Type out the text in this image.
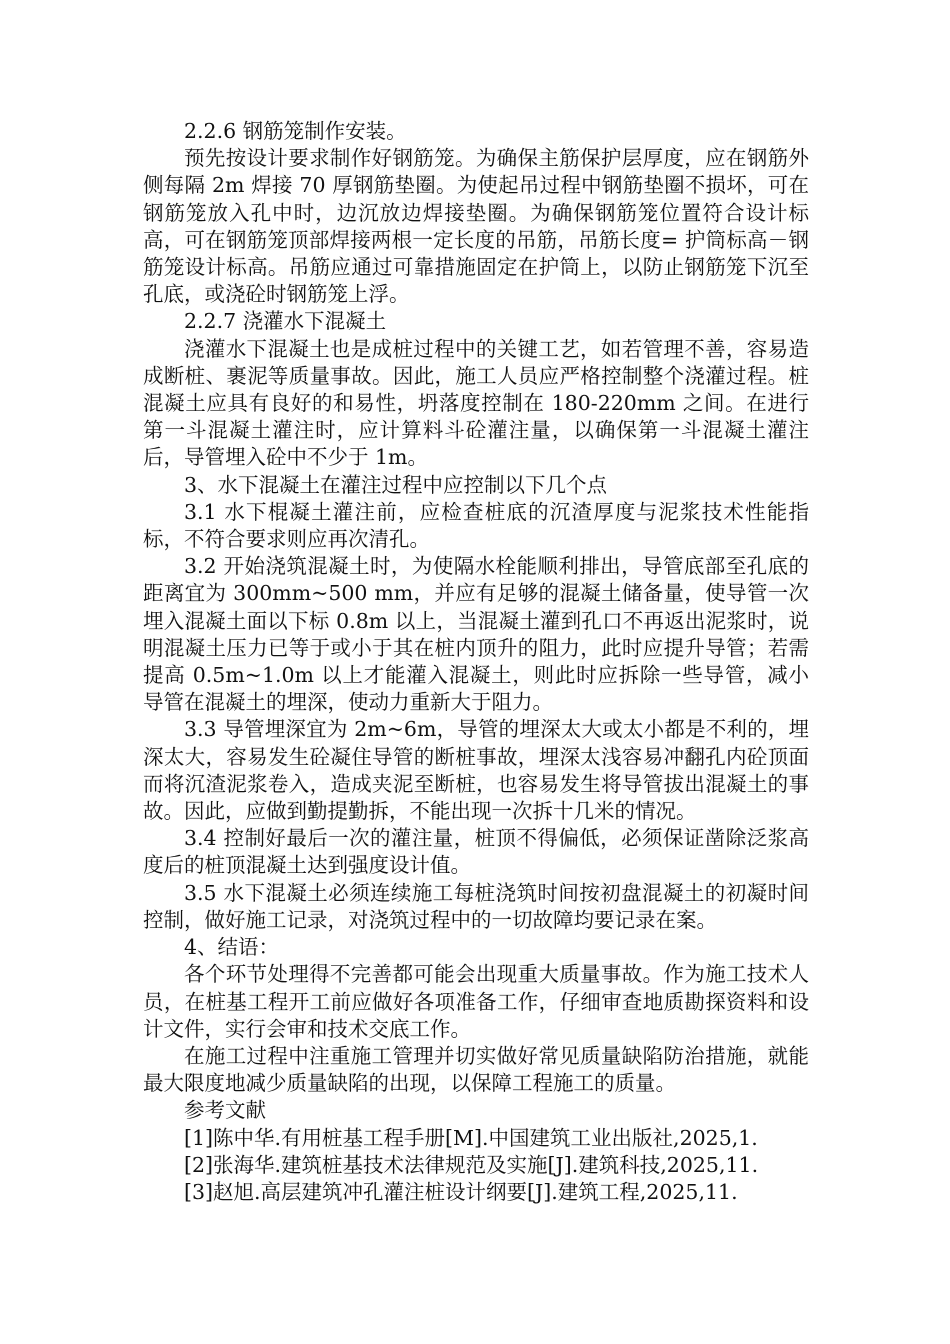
2.2.6 钢筋笼制作安装。

预先按设计要求制作好钢筋笼。为确保主筋保护层厚度，应在钢筋外侧每隔 2m 焊接 70 厚钢筋垫圈。为使起吊过程中钢筋垫圈不损坏，可在钢筋笼放入孔中时，边沉放边焊接垫圈。为确保钢筋笼位置符合设计标高，可在钢筋笼顶部焊接两根一定长度的吊筋，吊筋长度= 护筒标高－钢筋笼设计标高。吊筋应通过可靠措施固定在护筒上，以防止钢筋笼下沉至孔底，或浇砼时钢筋笼上浮。

2.2.7 浇灌水下混凝土

浇灌水下混凝土也是成桩过程中的关键工艺，如若管理不善，容易造成断桩、裹泥等质量事故。因此，施工人员应严格控制整个浇灌过程。桩混凝土应具有良好的和易性，坍落度控制在 180-220mm 之间。在进行第一斗混凝土灌注时，应计算料斗砼灌注量，以确保第一斗混凝土灌注后，导管埋入砼中不少于 1m。

3、水下混凝土在灌注过程中应控制以下几个点

3.1 水下棍凝土灌注前，应检查桩底的沉渣厚度与泥浆技术性能指标，不符合要求则应再次清孔。

3.2 开始浇筑混凝土时，为使隔水栓能顺利排出，导管底部至孔底的距离宜为 300mm~500 mm，并应有足够的混凝土储备量，使导管一次埋入混凝土面以下标 0.8m 以上，当混凝土灌到孔口不再返出泥浆时，说明混凝土压力已等于或小于其在桩内顶升的阻力，此时应提升导管；若需提高 0.5m~1.0m 以上才能灌入混凝土，则此时应拆除一些导管，减小导管在混凝土的埋深，使动力重新大于阻力。

3.3 导管埋深宜为 2m~6m，导管的埋深太大或太小都是不利的，埋深太大，容易发生砼凝住导管的断桩事故，埋深太浅容易冲翻孔内砼顶面而将沉渣泥浆卷入，造成夹泥至断桩，也容易发生将导管拔出混凝土的事故。因此，应做到勤提勤拆，不能出现一次拆十几米的情况。

3.4 控制好最后一次的灌注量，桩顶不得偏低，必须保证凿除泛浆高度后的桩顶混凝土达到强度设计值。

3.5 水下混凝土必须连续施工每桩浇筑时间按初盘混凝土的初凝时间控制，做好施工记录，对浇筑过程中的一切故障均要记录在案。

4、结语：

各个环节处理得不完善都可能会出现重大质量事故。作为施工技术人员，在桩基工程开工前应做好各项准备工作，仔细审查地质勘探资料和设计文件，实行会审和技术交底工作。

在施工过程中注重施工管理并切实做好常见质量缺陷防治措施，就能最大限度地减少质量缺陷的出现，以保障工程施工的质量。

参考文献

[1]陈中华.有用桩基工程手册[M].中国建筑工业出版社,2025,1.

[2]张海华.建筑桩基技术法律规范及实施[J].建筑科技,2025,11.

[3]赵旭.高层建筑冲孔灌注桩设计纲要[J].建筑工程,2025,11.
